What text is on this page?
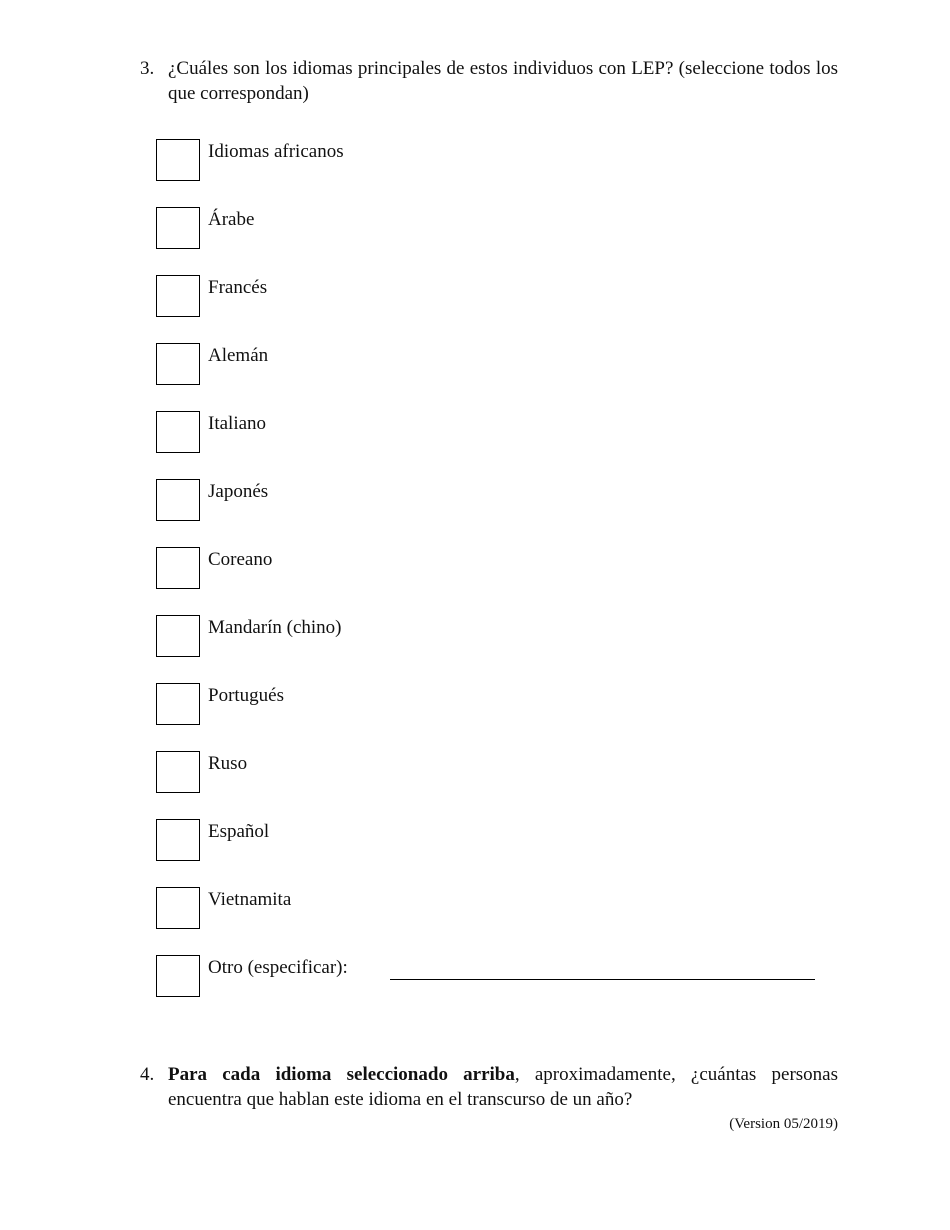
3. ¿Cuáles son los idiomas principales de estos individuos con LEP? (seleccione todos los que correspondan)
Idiomas africanos
Árabe
Francés
Alemán
Italiano
Japonés
Coreano
Mandarín (chino)
Portugués
Ruso
Español
Vietnamita
Otro (especificar):
4. Para cada idioma seleccionado arriba, aproximadamente, ¿cuántas personas encuentra que hablan este idioma en el transcurso de un año?
(Version 05/2019)
